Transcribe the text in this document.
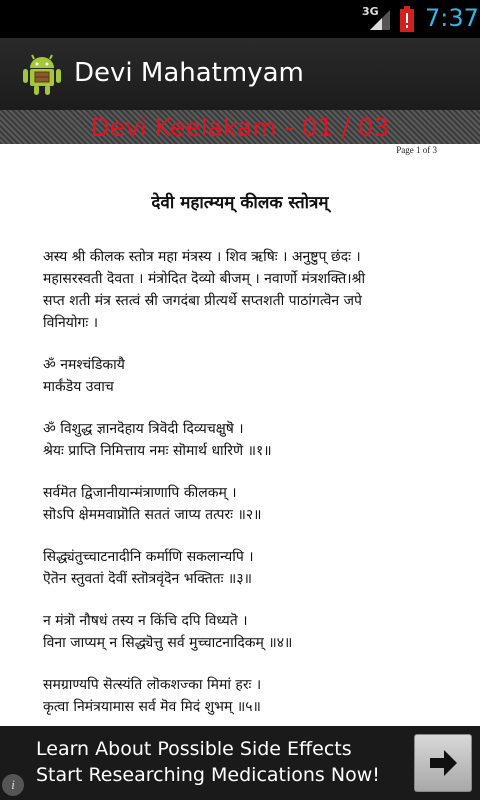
3G 7:37
Devi Mahatmyam
Devi Keelakam - 01 / 03
Page 1 of 3
देवी महात्म्यम् कीलक स्तोत्रम्
अस्य श्री कीलक स्तोत्र महा मंत्रस्य । शिव ऋषिः । अनुष्टुप् छंदः ।
महासरस्वती दॆवता । मंत्रोदित दॆव्यो बीजम् । नवार्णो मंत्रशक्ति।श्री
सप्त शती मंत्र स्तत्वं स्री जगदंबा प्रीत्यर्थे सप्तशती पाठांगत्वॆन जपे
विनियोगः ।
ॐ नमश्चंडिकायै
मार्कंडॆय उवाच
ॐ विशुद्ध ज्ञानदॆहाय त्रिवॆदी दिव्यचक्षुषॆ ।
श्रेयः प्राप्ति निमित्ताय नमः सॊमार्थ धारिणॆ ॥१॥
सर्वमॆत द्विजानीयान्मंत्राणापि कीलकम् ।
सॊ‌ऽपि क्षेममवाप्नॊति सततं जाप्य तत्परः ॥२॥
सिद्ध्यंतुच्चाटनादीनि कर्माणि सकलान्यपि ।
ऎतॆन स्तुवतां दॆवीं स्तॊत्रवृंदॆन भक्तितः ॥३॥
न मंत्रॊ नौषधं तस्य न किंचि दपि विध्यतॆ ।
विना जाप्यम् न सिद्ध्यॆत्तु सर्व मुच्चाटनादिकम् ॥४॥
समग्राण्यपि सॆत्स्यंति लॊकशज्का मिमां हरः ।
कृत्वा निमंत्रयामास सर्व मॆव मिदं शुभम् ॥५॥
Learn About Possible Side Effects
Start Researching Medications Now!
i
